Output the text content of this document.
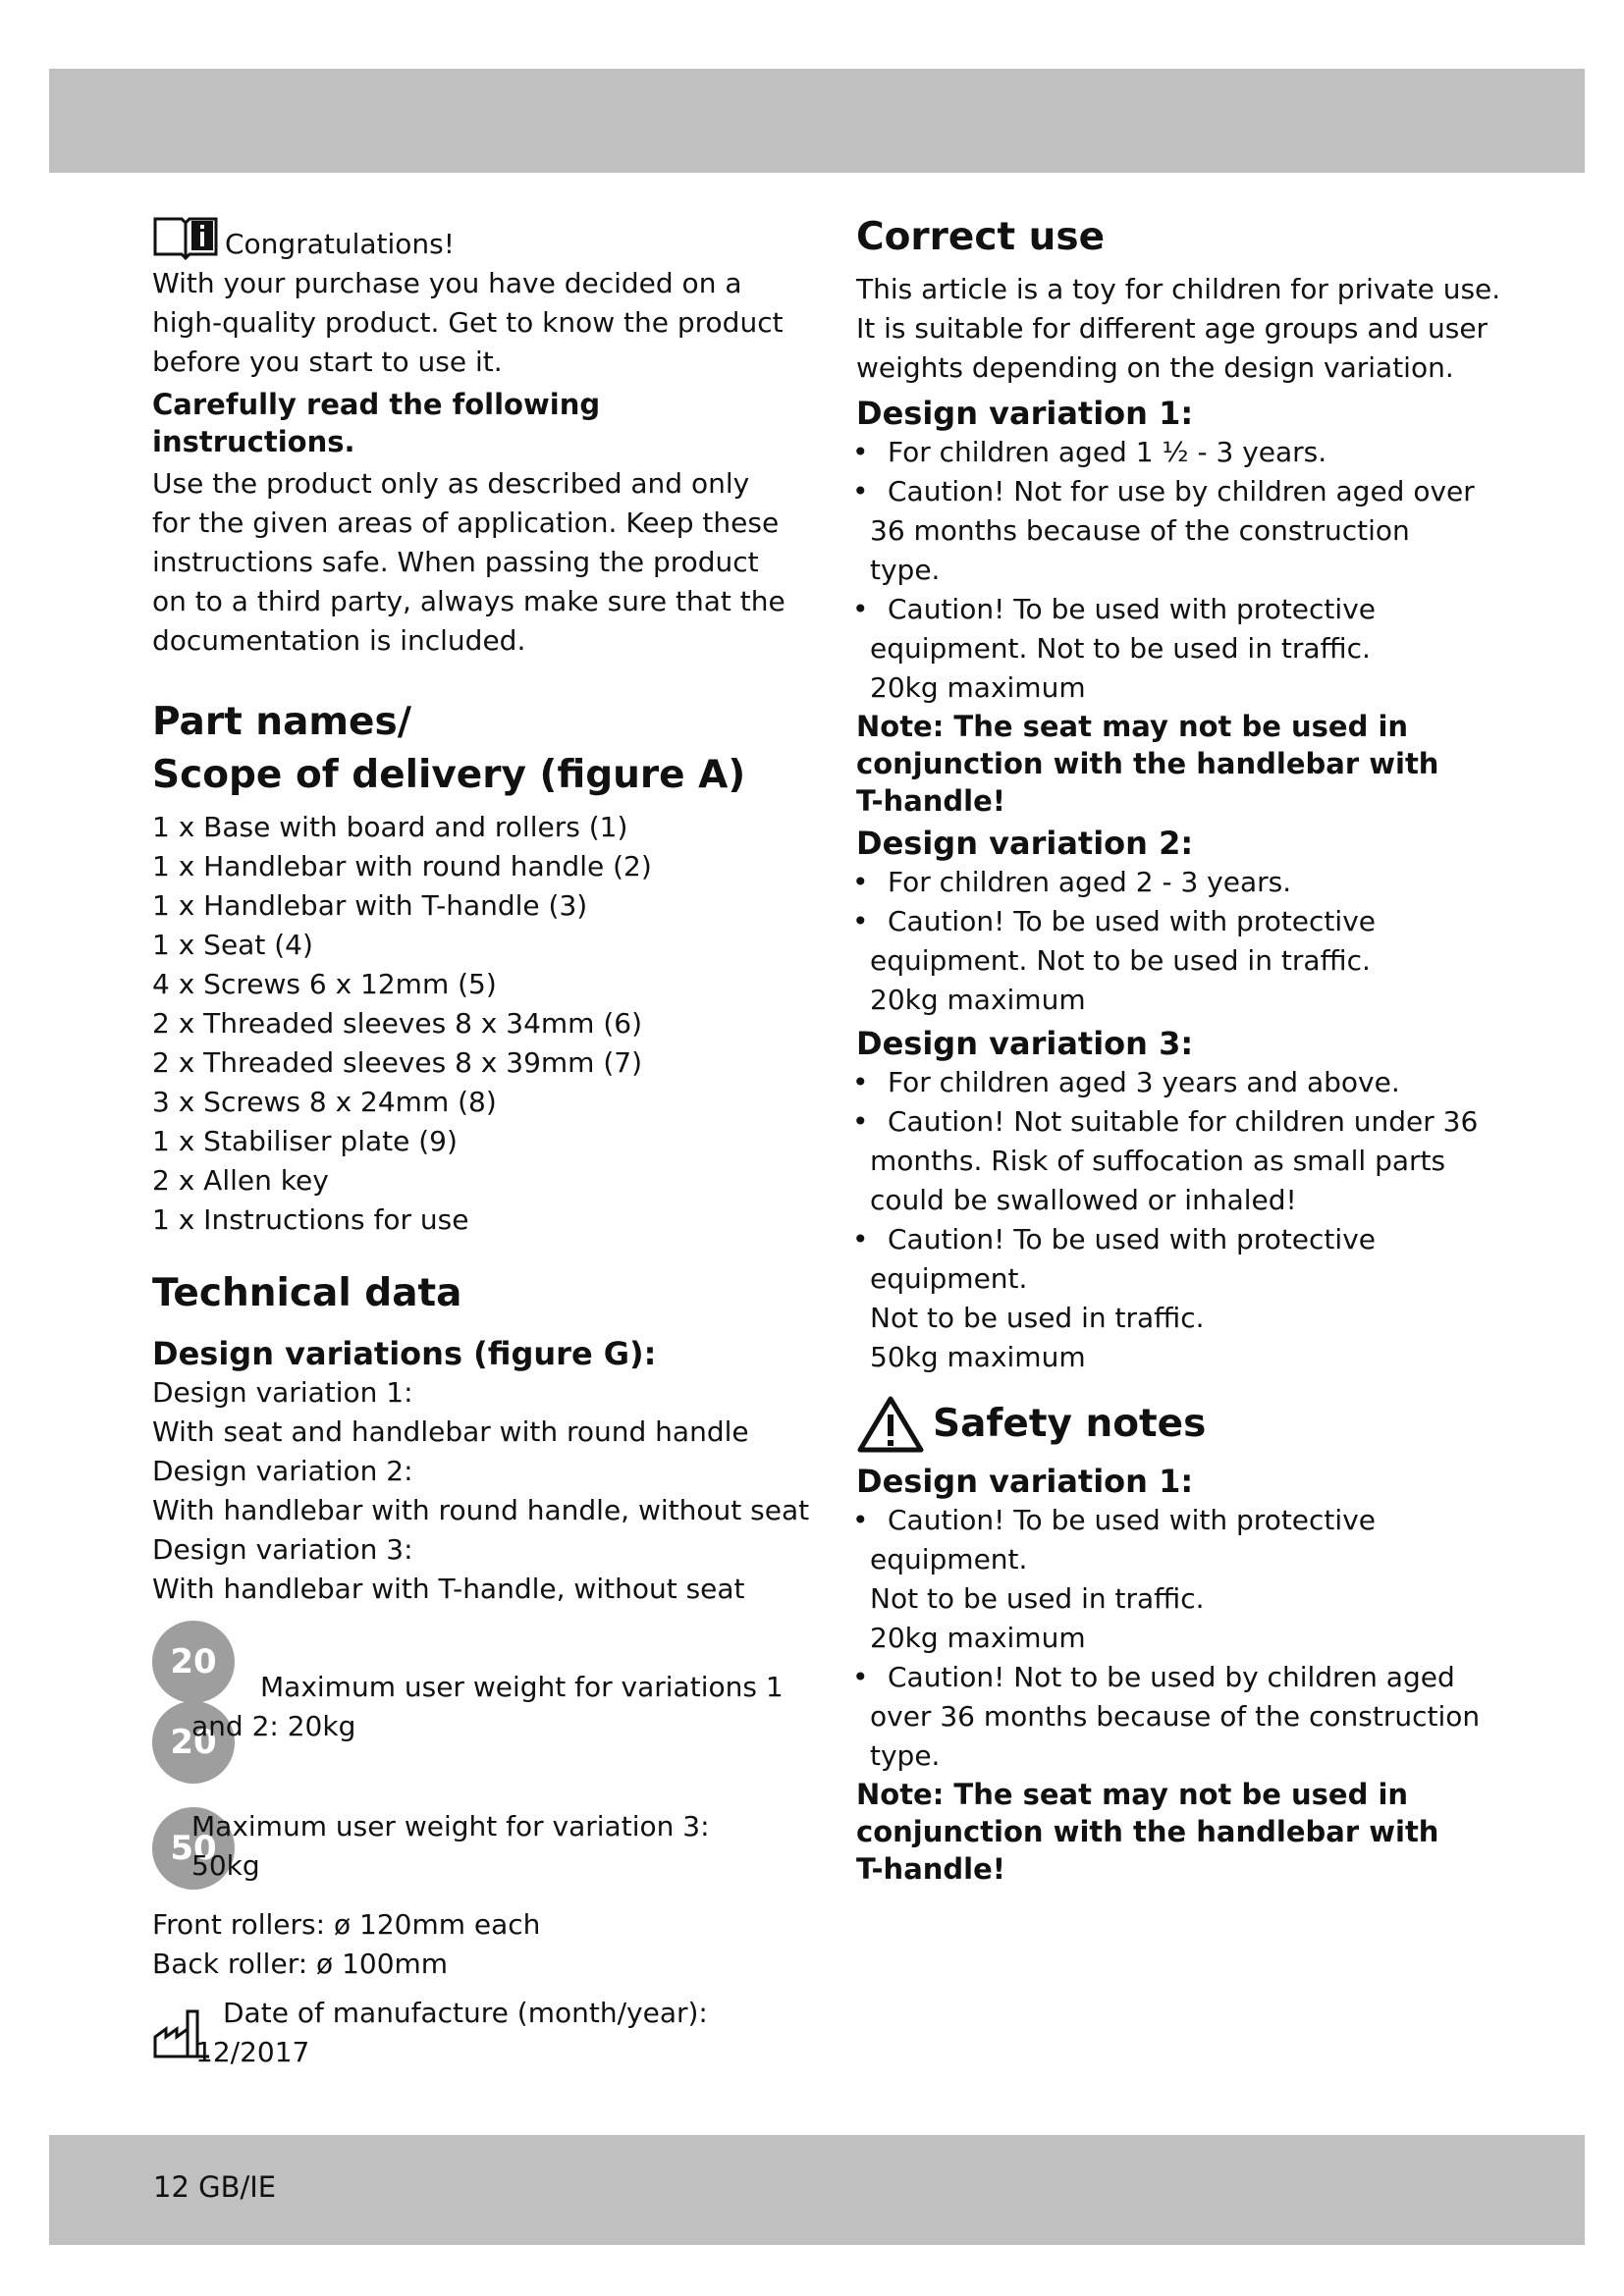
Congratulations!
With your purchase you have decided on a
high-quality product. Get to know the product
before you start to use it.
Carefully read the following
instructions.
Use the product only as described and only
for the given areas of application. Keep these
instructions safe. When passing the product
on to a third party, always make sure that the
documentation is included.
Part names/
Scope of delivery (figure A)
1 x Base with board and rollers (1)
1 x Handlebar with round handle (2)
1 x Handlebar with T-handle (3)
1 x Seat (4)
4 x Screws 6 x 12mm (5)
2 x Threaded sleeves 8 x 34mm (6)
2 x Threaded sleeves 8 x 39mm (7)
3 x Screws 8 x 24mm (8)
1 x Stabiliser plate (9)
2 x Allen key
1 x Instructions for use
Technical data
Design variations (figure G):
Design variation 1:
With seat and handlebar with round handle
Design variation 2:
With handlebar with round handle, without seat
Design variation 3:
With handlebar with T-handle, without seat
20
20
Maximum user weight for variations 1
and 2: 20kg
50
Maximum user weight for variation 3:
50kg
Front rollers: ø 120mm each
Back roller: ø 100mm
Date of manufacture (month/year):
12/2017
Correct use
This article is a toy for children for private use.
It is suitable for different age groups and user
weights depending on the design variation.
Design variation 1:
• For children aged 1 ½ - 3 years.
• Caution! Not for use by children aged over
36 months because of the construction type.
• Caution! To be used with protective
equipment. Not to be used in traffic.
20kg maximum
Note: The seat may not be used in
conjunction with the handlebar with
T-handle!
Design variation 2:
• For children aged 2 - 3 years.
• Caution! To be used with protective
equipment. Not to be used in traffic.
20kg maximum
Design variation 3:
• For children aged 3 years and above.
• Caution! Not suitable for children under 36
months. Risk of suffocation as small parts
could be swallowed or inhaled!
• Caution! To be used with protective
equipment.
Not to be used in traffic.
50kg maximum
Safety notes
Design variation 1:
• Caution! To be used with protective
equipment.
Not to be used in traffic.
20kg maximum
• Caution! Not to be used by children aged
over 36 months because of the construction
type.
Note: The seat may not be used in
conjunction with the handlebar with
T-handle!
12 GB/IE
